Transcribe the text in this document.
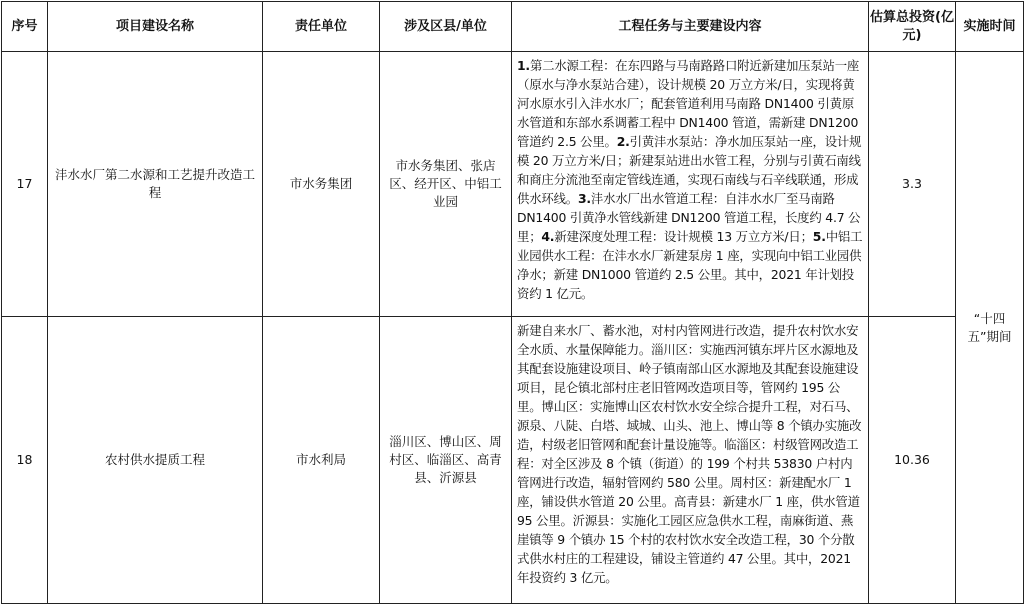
序号	项目建设名称	责任单位	涉及区县/单位	工程任务与主要建设内容	估算总投资(亿元)	实施时间
17	沣水水厂第二水源和工艺提升改造工程	市水务集团	市水务集团、张店区、经开区、中铝工业园	1.第二水源工程：在东四路与马南路路口附近新建加压泵站一座（原水与净水泵站合建），设计规模 20 万立方米/日，实现将黄河水原水引入沣水水厂；配套管道利用马南路 DN1400 引黄原水管道和东部水系调蓄工程中 DN1400 管道，需新建 DN1200 管道约 2.5 公里。2.引黄沣水泵站：净水加压泵站一座，设计规模 20 万立方米/日；新建泵站进出水管工程，分别与引黄石南线和商庄分流池至南定管线连通，实现石南线与石辛线联通，形成供水环线。3.沣水水厂出水管道工程：自沣水水厂至马南路 DN1400 引黄净水管线新建 DN1200 管道工程，长度约 4.7 公里；4.新建深度处理工程：设计规模 13 万立方米/日；5.中铝工业园供水工程：在沣水水厂新建泵房 1 座，实现向中铝工业园供净水；新建 DN1000 管道约 2.5 公里。其中，2021 年计划投资约 1 亿元。	3.3	“十四五”期间
18	农村供水提质工程	市水利局	淄川区、博山区、周村区、临淄区、高青县、沂源县	新建自来水厂、蓄水池，对村内管网进行改造，提升农村饮水安全水质、水量保障能力。淄川区：实施西河镇东坪片区水源地及其配套设施建设项目、岭子镇南部山区水源地及其配套设施建设项目，昆仑镇北部村庄老旧管网改造项目等，管网约 195 公里。博山区：实施博山区农村饮水安全综合提升工程，对石马、源泉、八陡、白塔、域城、山头、池上、博山等 8 个镇办实施改造，村级老旧管网和配套计量设施等。临淄区：村级管网改造工程：对全区涉及 8 个镇（街道）的 199 个村共 53830 户村内管网进行改造，辐射管网约 580 公里。周村区：新建配水厂 1 座，铺设供水管道 20 公里。高青县：新建水厂 1 座，供水管道 95 公里。沂源县：实施化工园区应急供水工程，南麻街道、燕崖镇等 9 个镇办 15 个村的农村饮水安全改造工程，30 个分散式供水村庄的工程建设，铺设主管道约 47 公里。其中，2021 年投资约 3 亿元。	10.36	
